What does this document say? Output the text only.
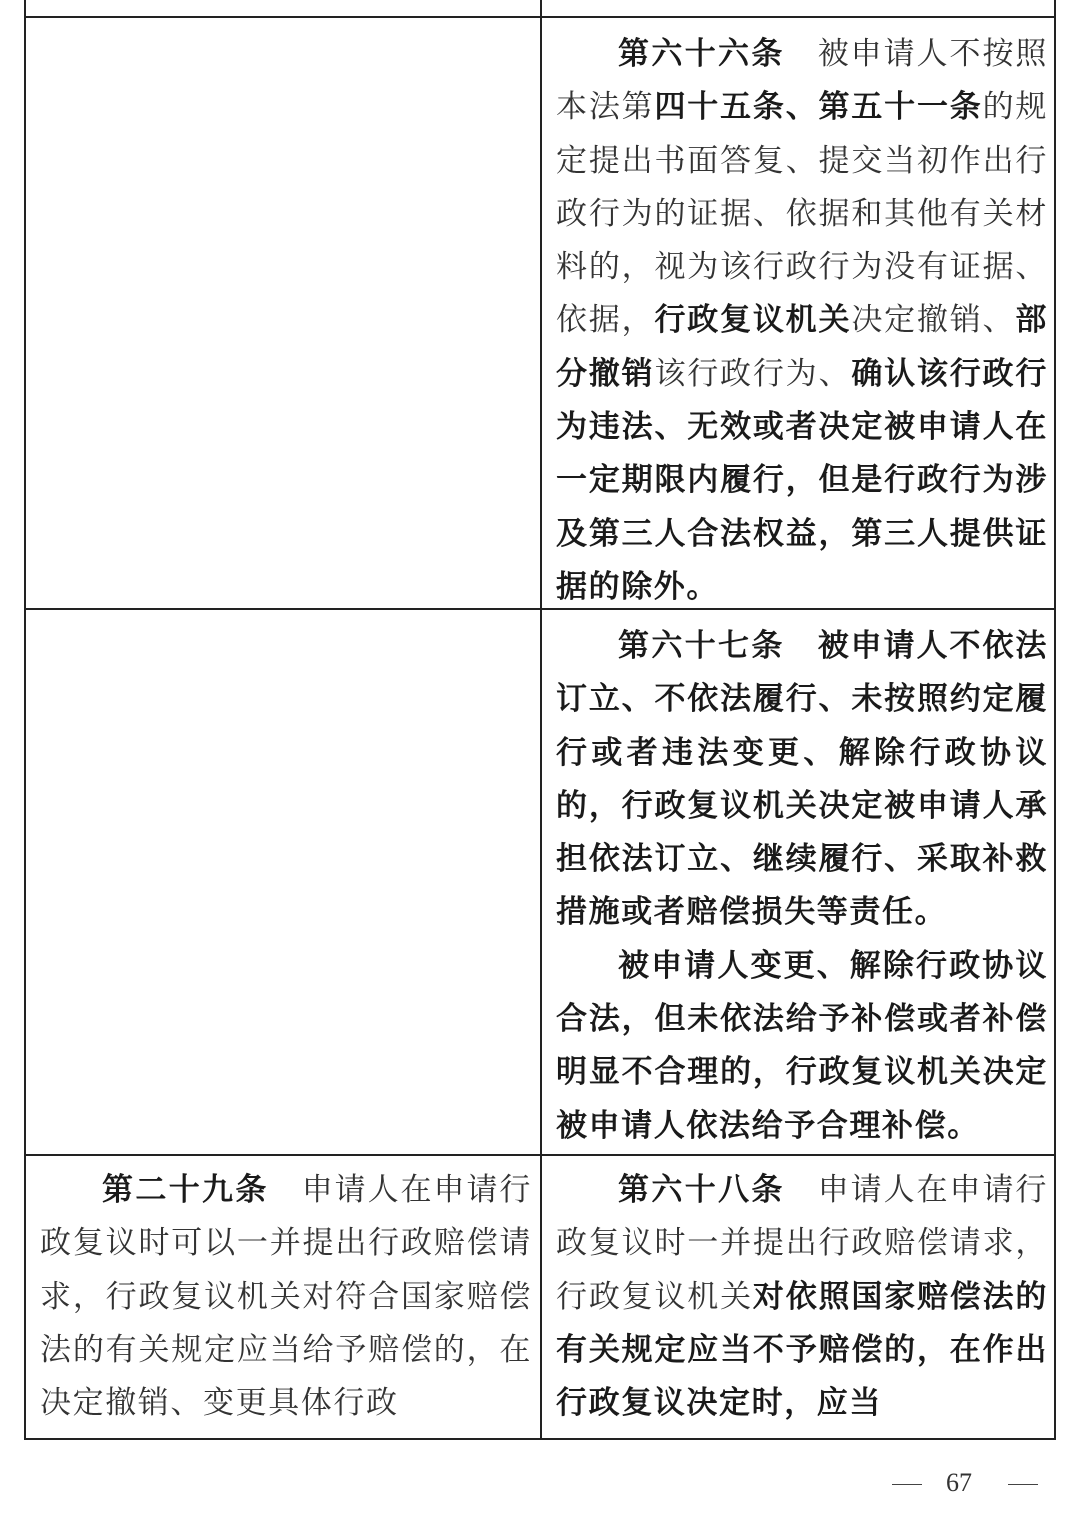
第六十六条　被申请人不按照本法第四十五条、第五十一条的规定提出书面答复、提交当初作出行政行为的证据、依据和其他有关材料的，视为该行政行为没有证据、依据，行政复议机关决定撤销、部分撤销该行政行为、确认该行政行为违法、无效或者决定被申请人在一定期限内履行，但是行政行为涉及第三人合法权益，第三人提供证据的除外。

第六十七条　被申请人不依法订立、不依法履行、未按照约定履行或者违法变更、解除行政协议的，行政复议机关决定被申请人承担依法订立、继续履行、采取补救措施或者赔偿损失等责任。

被申请人变更、解除行政协议合法，但未依法给予补偿或者补偿明显不合理的，行政复议机关决定被申请人依法给予合理补偿。

第二十九条　申请人在申请行政复议时可以一并提出行政赔偿请求，行政复议机关对符合国家赔偿法的有关规定应当给予赔偿的，在决定撤销、变更具体行政

第六十八条　申请人在申请行政复议时一并提出行政赔偿请求，行政复议机关对依照国家赔偿法的有关规定应当不予赔偿的，在作出行政复议决定时，应当

67
